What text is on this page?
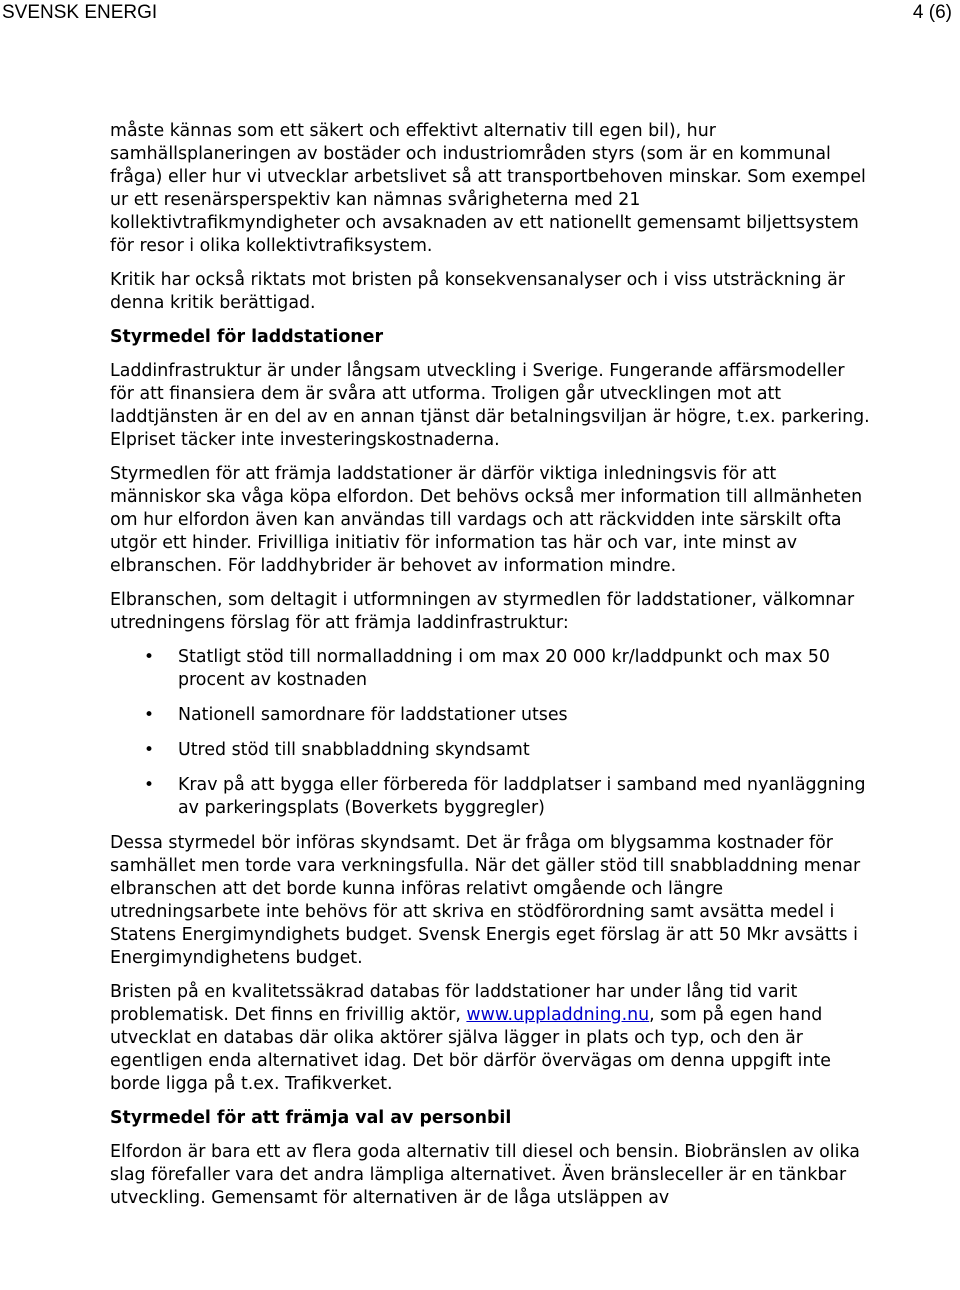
SVENSK ENERGI	4 (6)

måste kännas som ett säkert och effektivt alternativ till egen bil), hur samhällsplaneringen av bostäder och industriområden styrs (som är en kommunal fråga) eller hur vi utvecklar arbetslivet så att transportbehoven minskar. Som exempel ur ett resenärsperspektiv kan nämnas svårigheterna med 21 kollektivtrafikmyndigheter och avsaknaden av ett nationellt gemensamt biljettsystem för resor i olika kollektivtrafiksystem.

Kritik har också riktats mot bristen på konsekvensanalyser och i viss utsträckning är denna kritik berättigad.

Styrmedel för laddstationer

Laddinfrastruktur är under långsam utveckling i Sverige. Fungerande affärsmodeller för att finansiera dem är svåra att utforma. Troligen går utvecklingen mot att laddtjänsten är en del av en annan tjänst där betalningsviljan är högre, t.ex. parkering. Elpriset täcker inte investeringskostnaderna.

Styrmedlen för att främja laddstationer är därför viktiga inledningsvis för att människor ska våga köpa elfordon. Det behövs också mer information till allmänheten om hur elfordon även kan användas till vardags och att räckvidden inte särskilt ofta utgör ett hinder. Frivilliga initiativ för information tas här och var, inte minst av elbranschen. För laddhybrider är behovet av information mindre.

Elbranschen, som deltagit i utformningen av styrmedlen för laddstationer, välkomnar utredningens förslag för att främja laddinfrastruktur:

• Statligt stöd till normalladdning i om max 20 000 kr/laddpunkt och max 50 procent av kostnaden
• Nationell samordnare för laddstationer utses
• Utred stöd till snabbladdning skyndsamt
• Krav på att bygga eller förbereda för laddplatser i samband med nyanläggning av parkeringsplats (Boverkets byggregler)

Dessa styrmedel bör införas skyndsamt. Det är fråga om blygsamma kostnader för samhället men torde vara verkningsfulla. När det gäller stöd till snabbladdning menar elbranschen att det borde kunna införas relativt omgående och längre utredningsarbete inte behövs för att skriva en stödförordning samt avsätta medel i Statens Energimyndighets budget. Svensk Energis eget förslag är att 50 Mkr avsätts i Energimyndighetens budget.

Bristen på en kvalitetssäkrad databas för laddstationer har under lång tid varit problematisk. Det finns en frivillig aktör, www.uppladdning.nu, som på egen hand utvecklat en databas där olika aktörer själva lägger in plats och typ, och den är egentligen enda alternativet idag. Det bör därför övervägas om denna uppgift inte borde ligga på t.ex. Trafikverket.

Styrmedel för att främja val av personbil

Elfordon är bara ett av flera goda alternativ till diesel och bensin. Biobränslen av olika slag förefaller vara det andra lämpliga alternativet. Även bränsleceller är en tänkbar utveckling. Gemensamt för alternativen är de låga utsläppen av
